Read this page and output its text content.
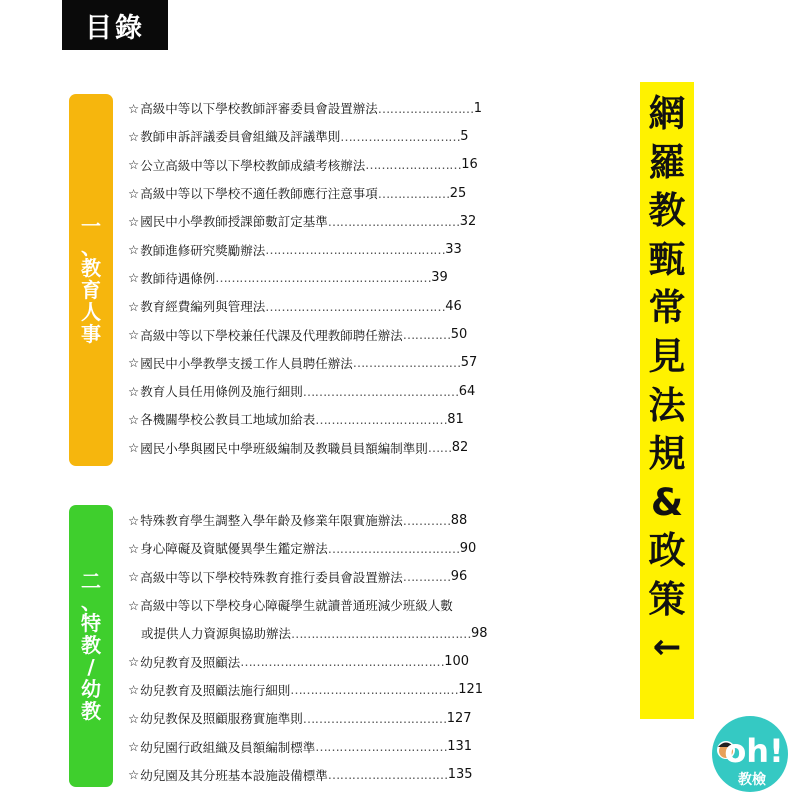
目錄
一
、
教
育
人
事
二
、
特
教
/
幼
教
☆ 高級中等以下學校教師評審委員會設置辦法 …………………… 1
☆ 教師申訴評議委員會組織及評議準則 ………………………… 5
☆ 公立高級中等以下學校教師成績考核辦法 …………………… 16
☆ 高級中等以下學校不適任教師應行注意事項 ……………… 25
☆ 國民中小學教師授課節數訂定基準 …………………………… 32
☆ 教師進修研究獎勵辦法 ……………………………………… 33
☆ 教師待遇條例 ……………………………………………… 39
☆ 教育經費編列與管理法 ……………………………………… 46
☆ 高級中等以下學校兼任代課及代理教師聘任辦法 ………… 50
☆ 國民中小學教學支援工作人員聘任辦法 ……………………… 57
☆ 教育人員任用條例及施行細則 ………………………………… 64
☆ 各機關學校公教員工地域加給表 …………………………… 81
☆ 國民小學與國民中學班級編制及教職員員額編制準則 …… 82
☆ 特殊教育學生調整入學年齡及修業年限實施辦法 ………… 88
☆ 身心障礙及資賦優異學生鑑定辦法 …………………………… 90
☆ 高級中等以下學校特殊教育推行委員會設置辦法 ………… 96
☆ 高級中等以下學校身心障礙學生就讀普通班減少班級人數
或提供人力資源與協助辦法 ……………………………………… 98
☆ 幼兒教育及照顧法 …………………………………………… 100
☆ 幼兒教育及照顧法施行細則 …………………………………… 121
☆ 幼兒教保及照顧服務實施準則 ……………………………… 127
☆ 幼兒園行政組織及員額編制標準 …………………………… 131
☆ 幼兒園及其分班基本設施設備標準 ………………………… 135
網
羅
教
甄
常
見
法
規
&
政
策
←
oh!
教檢
